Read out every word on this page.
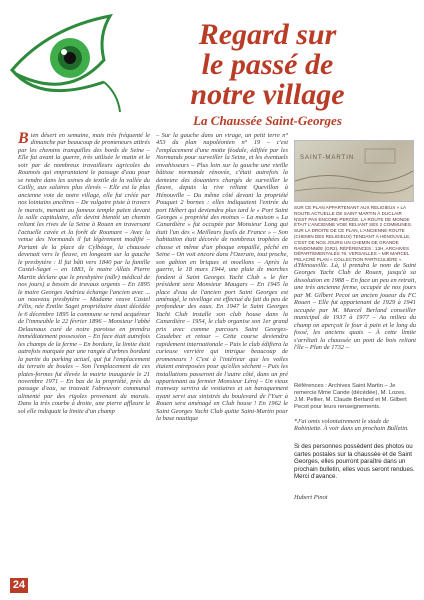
Regard sur
le passé de
notre village
La Chaussée Saint-Georges
B ien désert en semaine, mais très fréquenté le dimanche par beaucoup de promeneurs attirés par les chemins tranquilles des bords de Seine – Elle fut avant la guerre, très utilisée le matin et le soir par de nombreux travailleurs agricoles du Roumois qui empruntaient le passage d'eau pour se rendre dans les usines de textile de la vallée du Cailly, aux salaires plus élevés – Elle est la plus ancienne voie de notre village, elle fut créée par nos lointains ancêtres – De vulgaire piste à travers le marais, menant au fameux temple païen devant la salle capitulaire, elle devint bientôt un chemin reliant les rives de la Seine à Rouen en traversant l'actuelle cavée et la forêt de Roumare – Avec la venue des Normands il fut légèrement modifié – Partant de la place de Cylbéage, la chaussée devenait vers le fleuve, en longeant sur la gauche le presbytère : Il fut bâti vers 1840 par la famille Castel-Saget – en 1883, le maire Allais Pierre Martin déclare que le presbytère (ndlr) médical de nos jours) a besoin de travaux urgents – En 1895 le maire Georges Andrieu échange l'ancien avec ... un nouveau presbytère – Madame veuve Castel Félix, née Émilie Saget propriétaire étant décédée le 6 décembre 1895 la commune se rend acquéreur de l'immeuble le 22 février 1896 – Monsieur l'abbé Delaunaux curé de notre paroisse en prendra immédiatement possession – En face était autrefois les champs de la ferme – En bordure, la limite était autrefois marquée par une rangée d'arbres bordant la partie du parking actuel, qui fut l'emplacement du terrain de boules – Son l'emplacement de ces plates-formes fut élevée la mairie inaugurée le 21 novembre 1971 – En bas de la propriété, près du passage d'eau, se trouvait l'abreuvoir communal alimenté par des rigoles provenant du marais. Dans la très courbe à droite, une pierre affleure le sol elle indiquait la limite d'un champ
– Sur la gauche dans un virage, un petit terre n° 453 du plan napoléonien n° 19 – c'est l'emplacement d'une motte féodale, édifiée par les Normands pour surveiller la Seine, et les éventuels envahisseurs – Plus loin sur la gauche une vieille bâtisse normande rénovée, c'était autrefois la demeure des douaniers chargés de surveiller le fleuve, depuis la rive reliant Quevillon à Hénouville – Du même côté devant la propriété Pouquet 2 bornes : elles indiquaient l'entrée du port Hébert qui deviendra plus tard le « Port Saint Georges » propriété des moines – La maison « La Canardière » fut occupée par Monsieur Long qui était l'un des « Meilleurs fusils de France » – Son habitation était décorée de nombreux trophées de chasse et même d'un phoque empaillé, pêché en Seine – On voit encore dans l'Ozerain, tout proche, son gabion en briques et moellons – Après la guerre, le 18 mars 1944, une pluie de morches fondent à Saint Georges Yacht Club » le fier président sera Monsieur Maugars – En 1945 la place d'eau de l'ancien port Saint Georges est aménagé, le nivellage est effectué du fait du peu de profondeur des eaux. En 1947 le Saint Georges Yacht Club installe son club house dans la Canardière – 1954, le club organise son 1er grand prix avec comme parcours Saint Georges-Caudebec et retour – Cette course deviendra rapidement internationale – Puis le club édifiera la curieuse verrière qui intrigue beaucoup de promeneurs ! C'est à l'intérieur que les voiles étaient entreposées pour qu'elles sèchent – Puis les installations passeront de l'autre côté, dans un pré appartenant au fermier Monsieur Léroj – Un vieux tramway servira de vestiaires et un baraquement ayant servi aux sinistrés du boulevard de l'Yser à Rouen sera aménagé en Club house ! En 1962 le Saint Georges Yacht Club quitte Saint-Martin pour la base nautique
SAINT-MARTIN
SUR CE PLAN APPARTENANT AUX RELIGIEUX « LA ROUTE ACTUELLE DE SAINT MARTIN À DUCLAIR N'EST PAS ENCORE PERCÉE. LA ROUTE DE MONDE ÉTAIT L'ANCIENNE VOIE RELIANT SES 2 COMMUNES. SUR LA DROITE DE CE PLAN, L'ANCIENNE ROUTE (CHEMIN DES RELIGIEUX) TENDANT À HÉNOUVILLE, C'EST DE NOS JOURS UN CHEMIN DE GRANDE RANDONNÉE (GR2). RÉFÉRENCES : 13H, ARCHIVES DÉPARTEMENTALES 76. VERSAILLES – MR MARCEL PELACRÉ PLAN « COLLECTION PARTICULIÈRE ».
d'Hénouville. Là, il prendra le nom de Saint Georges Yacht Club de Rouen, jusqu'à sa dissolution en 1988 – En face un peu en retrait, une très ancienne ferme, occupée de nos jours par M. Gilbert Pecot un ancien joueur du FC Rouen – Elle fut appartenant de 1929 à 1941 occupée par M. Marcel Berland conseiller municipal de 1937 à 1977 – Au milieu du champ on aperçoit le four à pain et le long du fossé, les anciens quais – À cette limite s'arrêtait la chaussée un pont de bois reliant l'île – Plan de 1732 –
Références : Archives Saint Martin – Je remercie Mme Cande (décédée), M. Lozes, J.M. Pellier, M. Claude Berland et M. Gilbert Pecot pour leurs renseignements.
*J'ai omis volontairement le stade de Robiniette. À voir dans un prochain Bulletin.
Si des personnes possèdent des photos ou cartes postales sur la chaussée et de Saint Georges, elles pourront paraître dans un prochain bulletin, elles vous seront rendues. Merci d'avance.
Hubert Pinot
24
